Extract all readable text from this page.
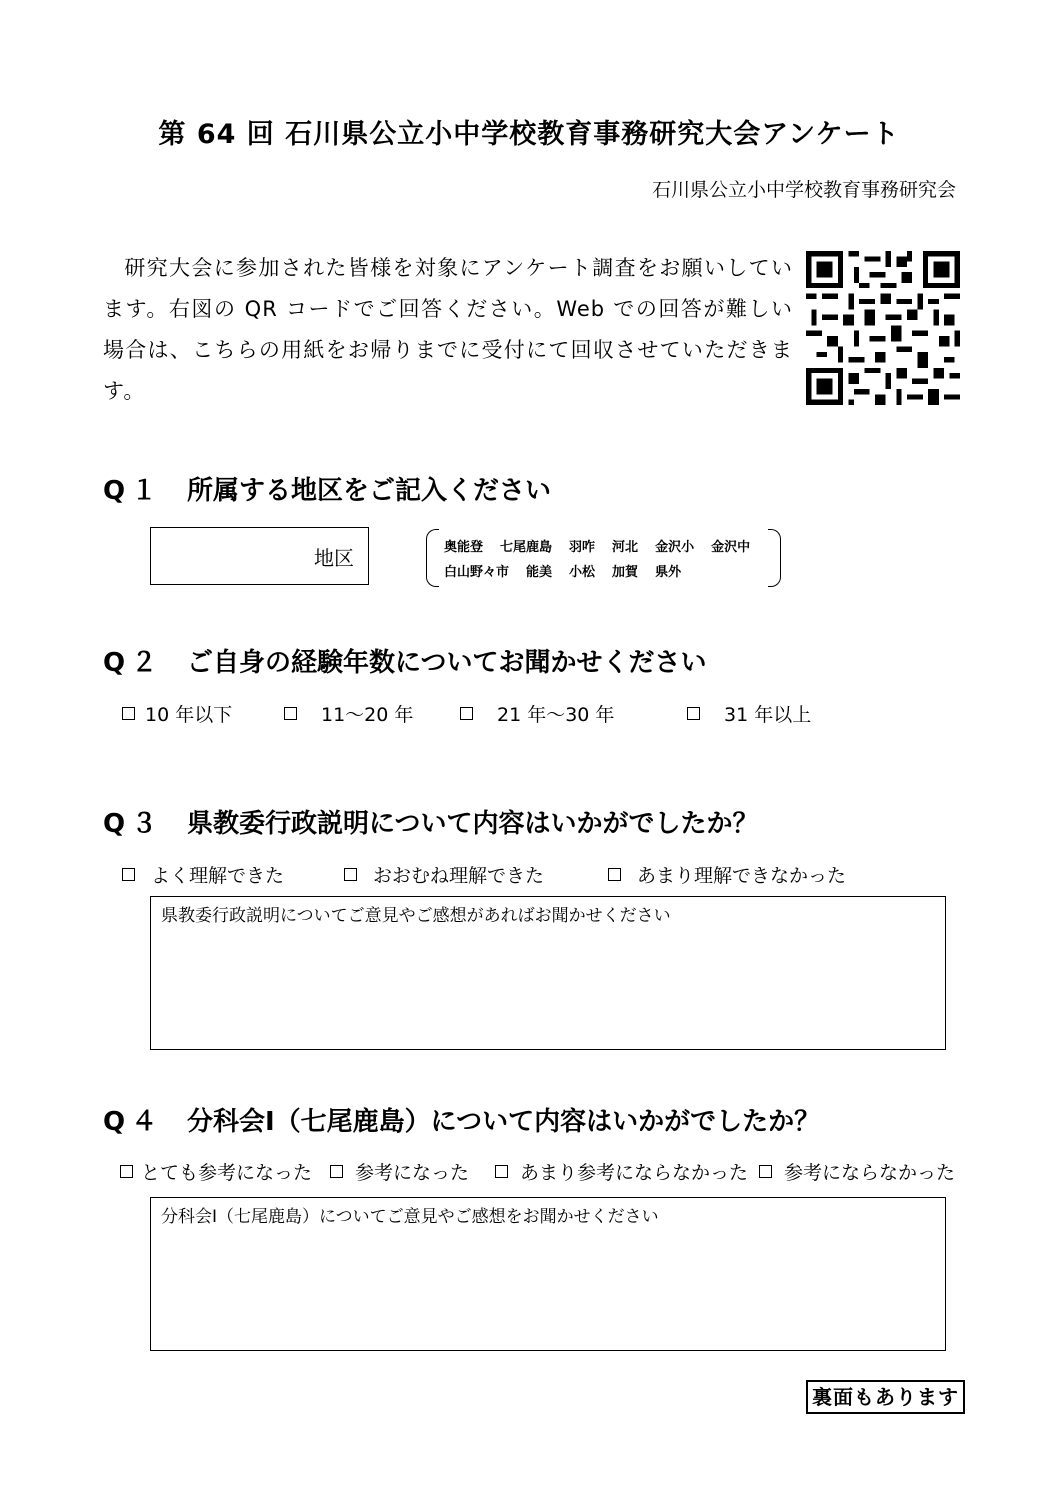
第 64 回 石川県公立小中学校教育事務研究大会アンケート
石川県公立小中学校教育事務研究会
研究大会に参加された皆様を対象にアンケート調査をお願いしています。右図の QR コードでご回答ください。Web での回答が難しい場合は、こちらの用紙をお帰りまでに受付にて回収させていただきます。
Q１ 所属する地区をご記入ください
地区	奥能登 七尾鹿島 羽咋 河北 金沢小 金沢中
白山野々市 能美 小松 加賀 県外
Q２ ご自身の経験年数についてお聞かせください
10 年以下	11～20 年	21 年～30 年	31 年以上
Q３ 県教委行政説明について内容はいかがでしたか？
よく理解できた	おおむね理解できた	あまり理解できなかった
県教委行政説明についてご意見やご感想があればお聞かせください
Q４ 分科会Ⅰ（七尾鹿島）について内容はいかがでしたか？
とても参考になった 参考になった	あまり参考にならなかった 参考にならなかった
分科会Ⅰ（七尾鹿島）についてご意見やご感想をお聞かせください
裏面もあります
